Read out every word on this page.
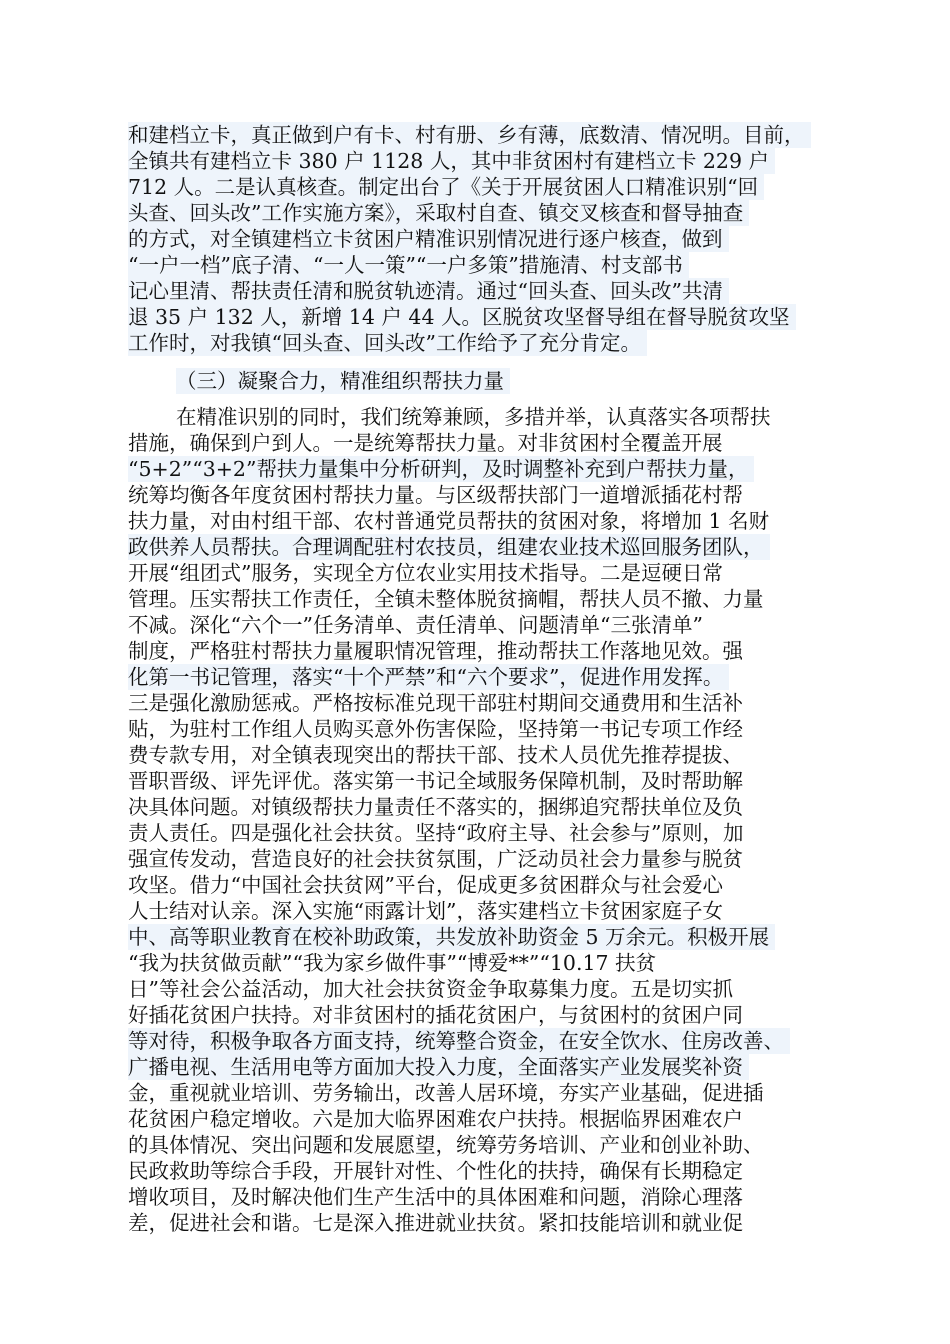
和建档立卡，真正做到户有卡、村有册、乡有薄，底数清、情况明。目前，
全镇共有建档立卡 380 户 1128 人，其中非贫困村有建档立卡 229 户
712 人。二是认真核查。制定出台了《关于开展贫困人口精准识别“回
头查、回头改”工作实施方案》，采取村自查、镇交叉核查和督导抽查
的方式，对全镇建档立卡贫困户精准识别情况进行逐户核查，做到
“一户一档”底子清、“一人一策”“一户多策”措施清、村支部书
记心里清、帮扶责任清和脱贫轨迹清。通过“回头查、回头改”共清
退 35 户 132 人，新增 14 户 44 人。区脱贫攻坚督导组在督导脱贫攻坚
工作时，对我镇“回头查、回头改”工作给予了充分肯定。
（三）凝聚合力，精准组织帮扶力量
在精准识别的同时，我们统筹兼顾，多措并举，认真落实各项帮扶
措施，确保到户到人。一是统筹帮扶力量。对非贫困村全覆盖开展
“5+2”“3+2”帮扶力量集中分析研判，及时调整补充到户帮扶力量，
统筹均衡各年度贫困村帮扶力量。与区级帮扶部门一道增派插花村帮
扶力量，对由村组干部、农村普通党员帮扶的贫困对象，将增加 1 名财
政供养人员帮扶。合理调配驻村农技员，组建农业技术巡回服务团队，
开展“组团式”服务，实现全方位农业实用技术指导。二是逗硬日常
管理。压实帮扶工作责任，全镇未整体脱贫摘帽，帮扶人员不撤、力量
不减。深化“六个一”任务清单、责任清单、问题清单“三张清单”
制度，严格驻村帮扶力量履职情况管理，推动帮扶工作落地见效。强
化第一书记管理，落实“十个严禁”和“六个要求”，促进作用发挥。
三是强化激励惩戒。严格按标准兑现干部驻村期间交通费用和生活补
贴，为驻村工作组人员购买意外伤害保险，坚持第一书记专项工作经
费专款专用，对全镇表现突出的帮扶干部、技术人员优先推荐提拔、
晋职晋级、评先评优。落实第一书记全域服务保障机制，及时帮助解
决具体问题。对镇级帮扶力量责任不落实的，捆绑追究帮扶单位及负
责人责任。四是强化社会扶贫。坚持“政府主导、社会参与”原则，加
强宣传发动，营造良好的社会扶贫氛围，广泛动员社会力量参与脱贫
攻坚。借力“中国社会扶贫网”平台，促成更多贫困群众与社会爱心
人士结对认亲。深入实施“雨露计划”，落实建档立卡贫困家庭子女
中、高等职业教育在校补助政策，共发放补助资金 5 万余元。积极开展
“我为扶贫做贡献”“我为家乡做件事”“博爱**”“10.17 扶贫
日”等社会公益活动，加大社会扶贫资金争取募集力度。五是切实抓
好插花贫困户扶持。对非贫困村的插花贫困户，与贫困村的贫困户同
等对待，积极争取各方面支持，统筹整合资金，在安全饮水、住房改善、
广播电视、生活用电等方面加大投入力度，全面落实产业发展奖补资
金，重视就业培训、劳务输出，改善人居环境，夯实产业基础，促进插
花贫困户稳定增收。六是加大临界困难农户扶持。根据临界困难农户
的具体情况、突出问题和发展愿望，统筹劳务培训、产业和创业补助、
民政救助等综合手段，开展针对性、个性化的扶持，确保有长期稳定
增收项目，及时解决他们生产生活中的具体困难和问题，消除心理落
差，促进社会和谐。七是深入推进就业扶贫。紧扣技能培训和就业促
